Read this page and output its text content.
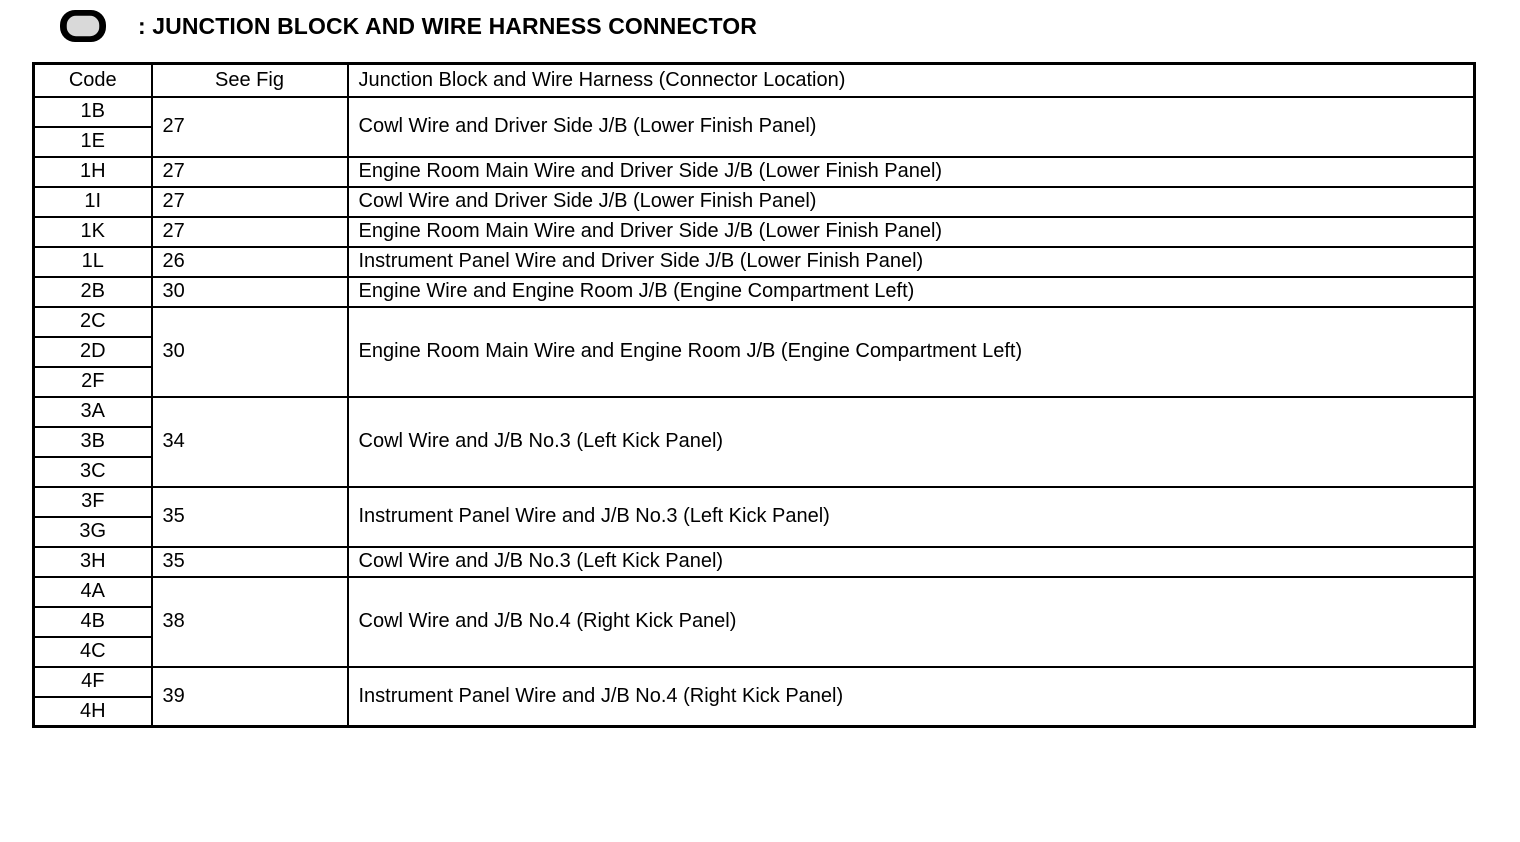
: JUNCTION BLOCK AND WIRE HARNESS CONNECTOR
Code	See Fig	Junction Block and Wire Harness (Connector Location)
1B	27	Cowl Wire and Driver Side J/B (Lower Finish Panel)
1E		
1H	27	Engine Room Main Wire and Driver Side J/B (Lower Finish Panel)
1I	27	Cowl Wire and Driver Side J/B (Lower Finish Panel)
1K	27	Engine Room Main Wire and Driver Side J/B (Lower Finish Panel)
1L	26	Instrument Panel Wire and Driver Side J/B (Lower Finish Panel)
2B	30	Engine Wire and Engine Room J/B (Engine Compartment Left)
2C	30	Engine Room Main Wire and Engine Room J/B (Engine Compartment Left)
2D		
2F		
3A	34	Cowl Wire and J/B No.3 (Left Kick Panel)
3B		
3C		
3F	35	Instrument Panel Wire and J/B No.3 (Left Kick Panel)
3G		
3H	35	Cowl Wire and J/B No.3 (Left Kick Panel)
4A	38	Cowl Wire and J/B No.4 (Right Kick Panel)
4B		
4C		
4F	39	Instrument Panel Wire and J/B No.4 (Right Kick Panel)
4H		
